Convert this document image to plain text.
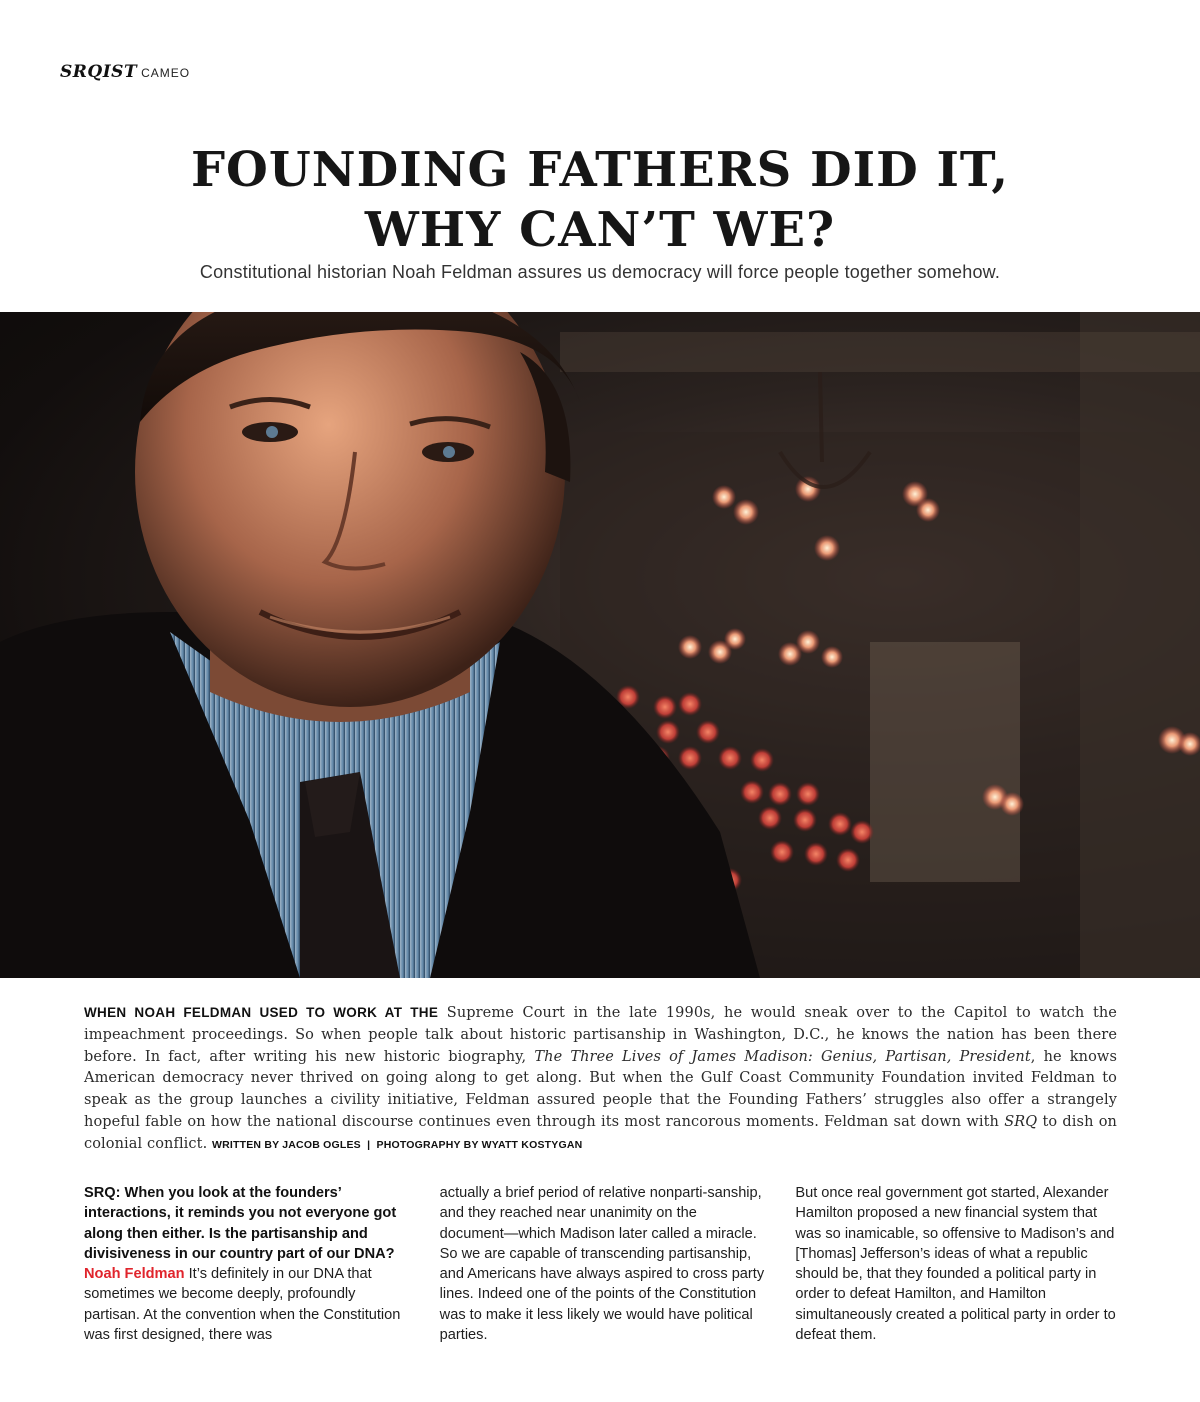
SRQIST CAMEO
FOUNDING FATHERS DID IT,
WHY CAN’T WE?
Constitutional historian Noah Feldman assures us democracy will force people together somehow.
WHEN NOAH FELDMAN USED TO WORK AT THE Supreme Court in the late 1990s, he would sneak over to the Capitol to watch the impeachment proceedings. So when people talk about historic partisanship in Washington, D.C., he knows the nation has been there before. In fact, after writing his new historic biography, The Three Lives of James Madison: Genius, Partisan, President, he knows American democracy never thrived on going along to get along. But when the Gulf Coast Community Foundation invited Feldman to speak as the group launches a civility initiative, Feldman assured people that the Founding Fathers’ struggles also offer a strangely hopeful fable on how the national discourse continues even through its most rancorous moments. Feldman sat down with SRQ to dish on colonial conflict. WRITTEN BY JACOB OGLES  |  PHOTOGRAPHY BY WYATT KOSTYGAN

SRQ: When you look at the founders’ interactions, it reminds you not everyone got along then either. Is the partisanship and divisiveness in our country part of our DNA? Noah Feldman It’s definitely in our DNA that sometimes we become deeply, profoundly partisan. At the convention when the Constitution was first designed, there was

actually a brief period of relative nonparti-sanship, and they reached near unanimity on the document—which Madison later called a miracle. So we are capable of transcending partisanship, and Americans have always aspired to cross party lines. Indeed one of the points of the Constitution was to make it less likely we would have political parties.

But once real government got started, Alexander Hamilton proposed a new financial system that was so inamicable, so offensive to Madison’s and [Thomas] Jefferson’s ideas of what a republic should be, that they founded a political party in order to defeat Hamilton, and Hamilton simultaneously created a political party in order to defeat them.
